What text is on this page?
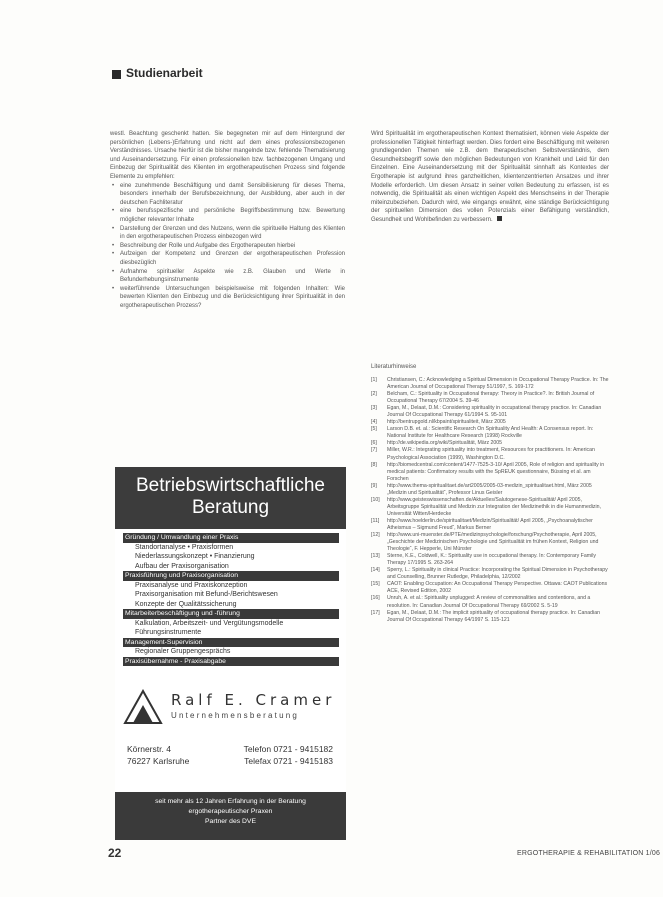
Studienarbeit

westl. Beachtung geschenkt hatten. Sie begegneten mir auf dem Hintergrund der persönlichen (Lebens-)Erfahrung und nicht auf dem eines professionsbezogenen Verständnisses. Ursache hierfür ist die bisher mangelnde bzw. fehlende Thematisierung und Auseinandersetzung. Für einen professionellen bzw. fachbezogenen Umgang und Einbezug der Spiritualität des Klienten im ergotherapeutischen Prozess sind folgende Elemente zu empfehlen:

• eine zunehmende Beschäftigung und damit Sensibilisierung für dieses Thema, besonders innerhalb der Berufsbezeichnung, der Ausbildung, aber auch in der deutschen Fachliteratur
• eine berufsspezifische und persönliche Begriffsbestimmung bzw. Bewertung möglicher relevanter Inhalte
• Darstellung der Grenzen und des Nutzens, wenn die spirituelle Haltung des Klienten in den ergotherapeutischen Prozess einbezogen wird
• Beschreibung der Rolle und Aufgabe des Ergotherapeuten hierbei
• Aufzeigen der Kompetenz und Grenzen der ergotherapeutischen Profession diesbezüglich
• Aufnahme spiritueller Aspekte wie z.B. Glauben und Werte in Befunderhebungsinstrumente
• weiterführende Untersuchungen beispielsweise mit folgenden Inhalten: Wie bewerten Klienten den Einbezug und die Berücksichtigung ihrer Spiritualität in den ergotherapeutischen Prozess?

Wird Spiritualität im ergotherapeutischen Kontext thematisiert, können viele Aspekte der professionellen Tätigkeit hinterfragt werden. Dies fordert eine Beschäftigung mit weiteren grundlegenden Themen wie z.B. dem therapeutischen Selbstverständnis, dem Gesundheitsbegriff sowie den möglichen Bedeutungen von Krankheit und Leid für den Einzelnen. Eine Auseinandersetzung mit der Spiritualität sinnhaft als Kontextes der Ergotherapie ist aufgrund ihres ganzheitlichen, klientenzentrierten Ansatzes und ihrer Modelle erforderlich. Um diesen Ansatz in seiner vollen Bedeutung zu erfassen, ist es notwendig, die Spiritualität als einen wichtigen Aspekt des Menschseins in der Therapie miteinzubeziehen. Dadurch wird, wie eingangs erwähnt, eine ständige Berücksichtigung der spirituellen Dimension des vollen Potenzials einer Befähigung verständlich, Gesundheit und Wohlbefinden zu verbessern.

Literaturhinweise
[1]	Christiansen, C.: Acknowledging a Spiritual Dimension in Occupational Therapy Practice. In: The American Journal of Occupational Therapy 51/1997, S. 169-172
[2]	Belcham, C.: Spirituality in Occupational therapy: Theory in Practice?. In: British Journal of Occupational Therapy 67/2004 S. 39-46
[3]	Egan, M., Delaat, D.M.: Considering spirituality in occupational therapy practice. In: Canadian Journal Of Occupational Therapy 61/1994 S. 95-101
[4]	http://bentrupgold.nl/kbpaint/spiritualiteit, März 2005
[5]	Larson D.B. et. al.: Scientific Research On Spirituality And Health: A Consensus report. In: National Institute for Healthcare Research (1998) Rockville
[6]	http://de.wikipedia.org/wiki/Spiritualität, März 2005
[7]	Miller, W.R.: Integrating spirituality into treatment, Resources for practitioners. In: American Psychological Association (1999), Washington D.C.
[8]	http://biomedcentral.com/content/1477-7525-3-10/ April 2005, Role of religion and spirituality in medical patients: Confirmatory results with the SpREUK questionnaire, Büssing et al. am Forschen
[9]	http://www.thema-spiritualitaet.de/art2005/2005-03-medizin_spiritualitaet.html, März 2005 „Medizin und Spiritualität“, Professor Linus Geisler
[10]	http://www.geisteswissenschaften.de/Aktuelles/Salutogenese-Spiritualität/ April 2005, Arbeitsgruppe Spiritualität und Medizin zur Integration der Medizinethik in die Humanmedizin, Universität Witten/Herdecke
[11]	http://www.hoelderlin.de/spiritualitaet/Medizin/Spiritualität/ April 2005, „Psychoanalytischer Atheismus – Sigmund Freud“, Markus Berner
[12]	http://www.uni-muenster.de/PTE/medizinpsychologie/forschung/Psychotherapie, April 2005, „Geschichte der Medizinischen Psychologie und Spiritualität im frühen Kontext, Religion und Theologie“, F. Hepperle, Uni Münster
[13]	Sterne, K.E., Coldwell, K.: Spirituality use in occupational therapy. In: Contemporary Family Therapy 17/1995 S. 263-264
[14]	Sperry, L.: Spirituality in clinical Practice: Incorporating the Spiritual Dimension in Psychotherapy and Counselling, Brunner Rutledge, Philadelphia, 12/2002
[15]	CAOT: Enabling Occupation: An Occupational Therapy Perspective. Ottawa: CAOT Publications ACE, Revised Edition, 2002
[16]	Unruh, A. et al.: Spirituality unplugged: A review of commonalities and contentions, and a resolution. In: Canadian Journal Of Occupational Therapy 69/2002 S. 5-19
[17]	Egan, M., Delaat, D.M.: The implicit spirituality of occupational therapy practice. In: Canadian Journal Of Occupational Therapy 64/1997 S. 115-121
Betriebswirtschaftliche
Beratung
Gründung / Umwandlung einer Praxis
Standortanalyse • Praxisformen
Niederlassungskonzept • Finanzierung
Aufbau der Praxisorganisation
Praxisführung und Praxisorganisation
Praxisanalyse und Praxiskonzeption
Praxisorganisation mit Befund-/Berichtswesen
Konzepte der Qualitätssicherung
Mitarbeiterbeschäftigung und -führung
Kalkulation, Arbeitszeit- und Vergütungsmodelle
Führungsinstrumente
Management-Supervision
Regionaler Gruppengesprächs
Praxisübernahme - Praxisabgabe
Ralf E. Cramer
Unternehmensberatung
Körnerstr. 4	Telefon 0721 - 9415182
76227 Karlsruhe	Telefax 0721 - 9415183
seit mehr als 12 Jahren Erfahrung in der Beratung
ergotherapeutischer Praxen
Partner des DVE
22	ERGOTHERAPIE & REHABILITATION 1/06
